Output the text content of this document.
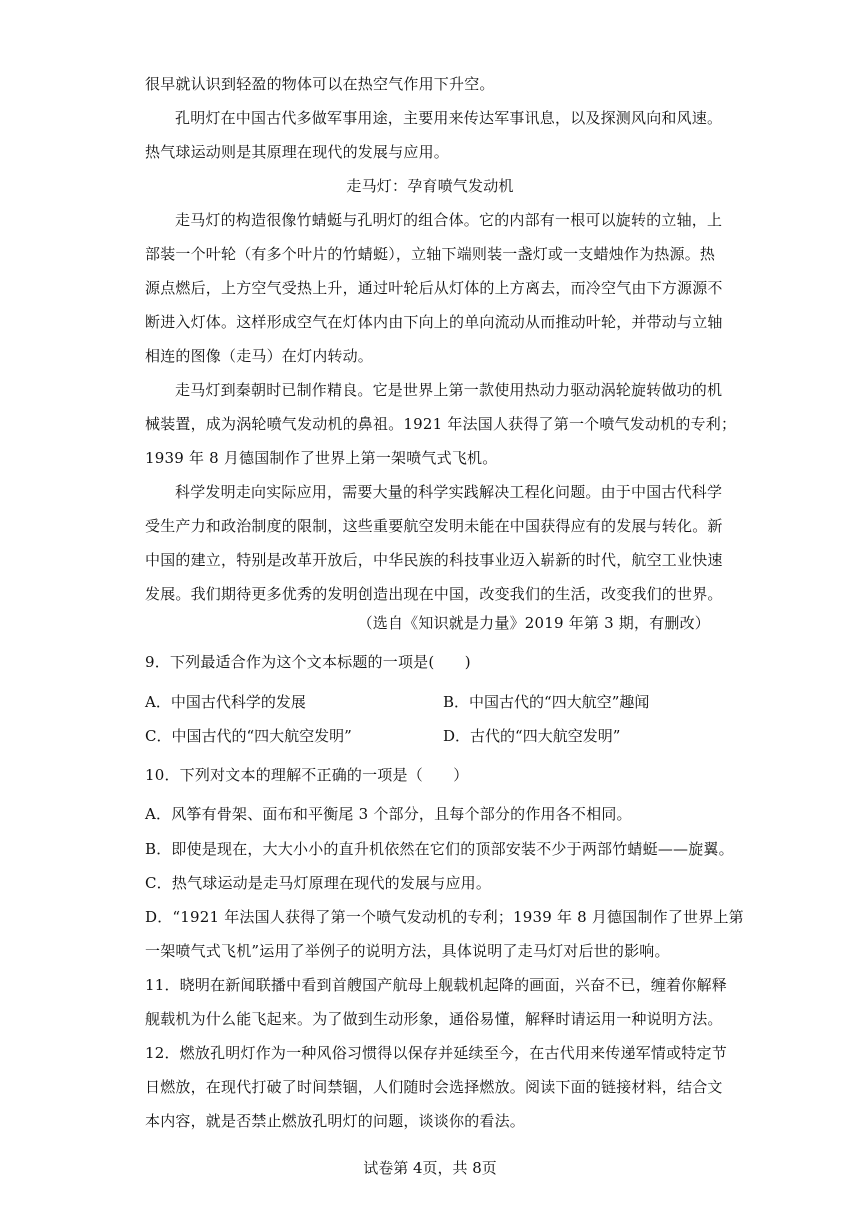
很早就认识到轻盈的物体可以在热空气作用下升空。
孔明灯在中国古代多做军事用途，主要用来传达军事讯息，以及探测风向和风速。
热气球运动则是其原理在现代的发展与应用。
走马灯：孕育喷气发动机
走马灯的构造很像竹蜻蜓与孔明灯的组合体。它的内部有一根可以旋转的立轴，上
部装一个叶轮（有多个叶片的竹蜻蜓），立轴下端则装一盏灯或一支蜡烛作为热源。热
源点燃后，上方空气受热上升，通过叶轮后从灯体的上方离去，而冷空气由下方源源不
断进入灯体。这样形成空气在灯体内由下向上的单向流动从而推动叶轮，并带动与立轴
相连的图像（走马）在灯内转动。
走马灯到秦朝时已制作精良。它是世界上第一款使用热动力驱动涡轮旋转做功的机
械装置，成为涡轮喷气发动机的鼻祖。1921 年法国人获得了第一个喷气发动机的专利；
1939 年 8 月德国制作了世界上第一架喷气式飞机。
科学发明走向实际应用，需要大量的科学实践解决工程化问题。由于中国古代科学
受生产力和政治制度的限制，这些重要航空发明未能在中国获得应有的发展与转化。新
中国的建立，特别是改革开放后，中华民族的科技事业迈入崭新的时代，航空工业快速
发展。我们期待更多优秀的发明创造出现在中国，改变我们的生活，改变我们的世界。
（选自《知识就是力量》2019 年第 3 期，有删改）
9．下列最适合作为这个文本标题的一项是(　　)
A．中国古代科学的发展	B．中国古代的“四大航空”趣闻
C．中国古代的“四大航空发明”	D．古代的“四大航空发明”
10．下列对文本的理解不正确的一项是（　　）
A．风筝有骨架、面布和平衡尾 3 个部分，且每个部分的作用各不相同。
B．即使是现在，大大小小的直升机依然在它们的顶部安装不少于两部竹蜻蜓——旋翼。
C．热气球运动是走马灯原理在现代的发展与应用。
D．“1921 年法国人获得了第一个喷气发动机的专利；1939 年 8 月德国制作了世界上第
一架喷气式飞机”运用了举例子的说明方法，具体说明了走马灯对后世的影响。
11．晓明在新闻联播中看到首艘国产航母上舰载机起降的画面，兴奋不已，缠着你解释
舰载机为什么能飞起来。为了做到生动形象，通俗易懂，解释时请运用一种说明方法。
12．燃放孔明灯作为一种风俗习惯得以保存并延续至今，在古代用来传递军情或特定节
日燃放，在现代打破了时间禁锢，人们随时会选择燃放。阅读下面的链接材料，结合文
本内容，就是否禁止燃放孔明灯的问题，谈谈你的看法。
试卷第 4页，共 8页
